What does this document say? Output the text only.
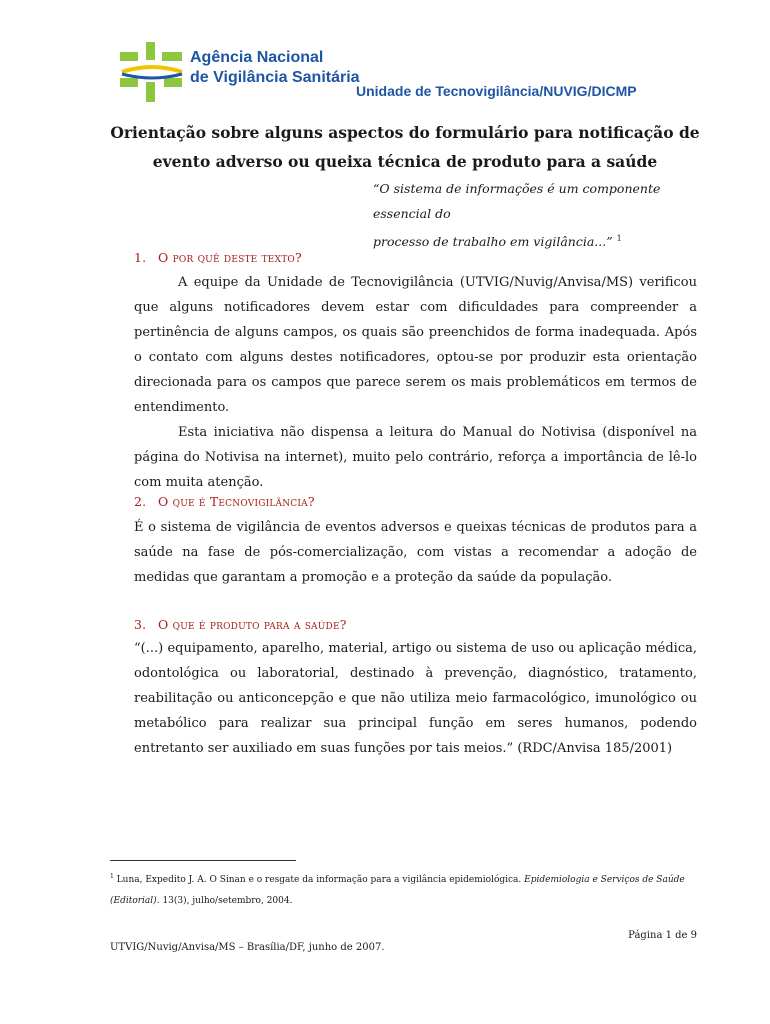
Agência Nacional
de Vigilância Sanitária
Unidade de Tecnovigilância/NUVIG/DICMP
Orientação sobre alguns aspectos do formulário para notificação de
evento adverso ou queixa técnica de produto para a saúde
“O sistema de informações é um componente essencial do
processo de trabalho em vigilância...” $^1$
1. O por quê deste texto?

A equipe da Unidade de Tecnovigilância (UTVIG/Nuvig/Anvisa/MS) verificou que alguns notificadores devem estar com dificuldades para compreender a pertinência de alguns campos, os quais são preenchidos de forma inadequada. Após o contato com alguns destes notificadores, optou-se por produzir esta orientação direcionada para os campos que parece serem os mais problemáticos em termos de entendimento.

Esta iniciativa não dispensa a leitura do Manual do Notivisa (disponível na página do Notivisa na internet), muito pelo contrário, reforça a importância de lê-lo com muita atenção.

2. O que é Tecnovigilância?

É o sistema de vigilância de eventos adversos e queixas técnicas de produtos para a saúde na fase de pós-comercialização, com vistas a recomendar a adoção de medidas que garantam a promoção e a proteção da saúde da população.

3. O que é produto para a saúde?

“(...) equipamento, aparelho, material, artigo ou sistema de uso ou aplicação médica, odontológica ou laboratorial, destinado à prevenção, diagnóstico, tratamento, reabilitação ou anticoncepção e que não utiliza meio farmacológico, imunológico ou metabólico para realizar sua principal função em seres humanos, podendo entretanto ser auxiliado em suas funções por tais meios.” (RDC/Anvisa 185/2001)

$^1$ Luna, Expedito J. A. O Sinan e o resgate da informação para a vigilância epidemiológica. Epidemiologia e Serviços de Saúde (Editorial). 13(3), julho/setembro, 2004.
Página 1 de 9
UTVIG/Nuvig/Anvisa/MS – Brasília/DF, junho de 2007.
